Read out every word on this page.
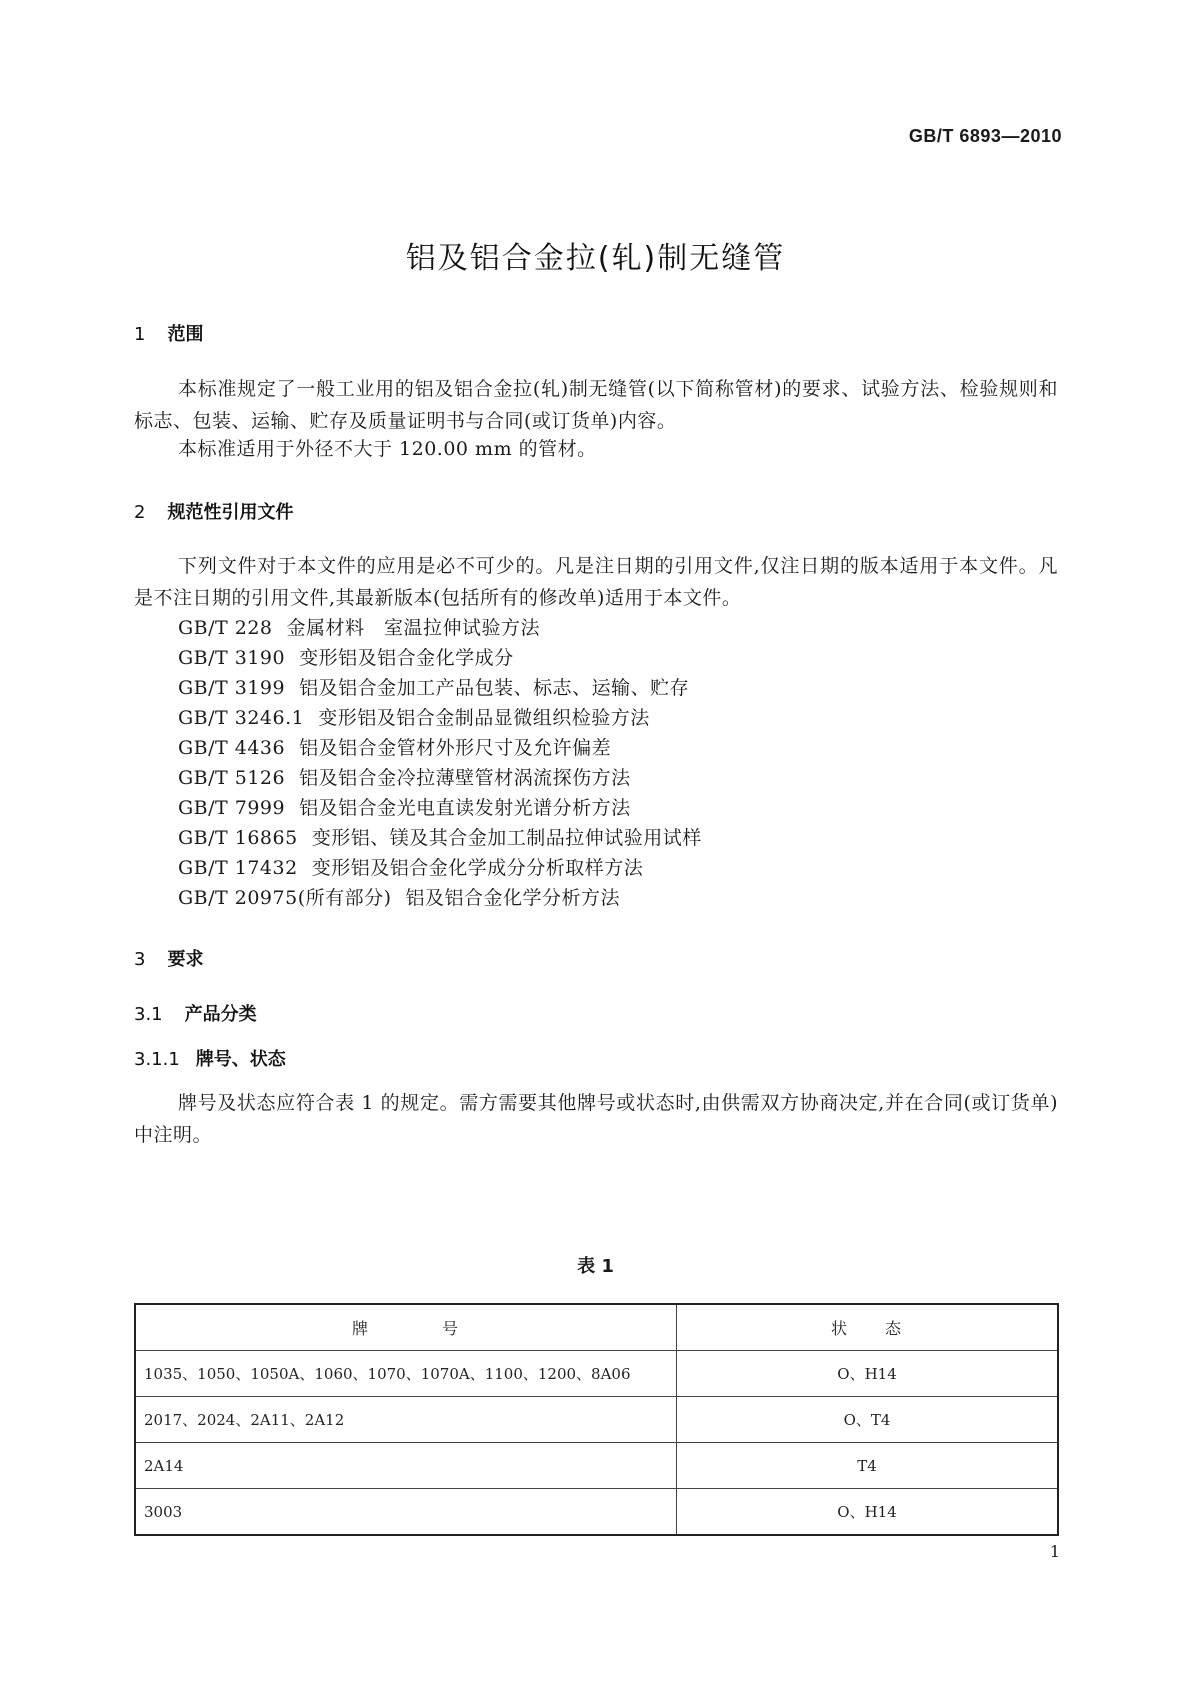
GB/T 6893—2010
铝及铝合金拉(轧)制无缝管
1 范围
本标准规定了一般工业用的铝及铝合金拉(轧)制无缝管(以下简称管材)的要求、试验方法、检验规则和标志、包装、运输、贮存及质量证明书与合同(或订货单)内容。
本标准适用于外径不大于 120.00 mm 的管材。
2 规范性引用文件
下列文件对于本文件的应用是必不可少的。凡是注日期的引用文件,仅注日期的版本适用于本文件。凡是不注日期的引用文件,其最新版本(包括所有的修改单)适用于本文件。
GB/T 228 金属材料　室温拉伸试验方法
GB/T 3190 变形铝及铝合金化学成分
GB/T 3199 铝及铝合金加工产品包装、标志、运输、贮存
GB/T 3246.1 变形铝及铝合金制品显微组织检验方法
GB/T 4436 铝及铝合金管材外形尺寸及允许偏差
GB/T 5126 铝及铝合金冷拉薄壁管材涡流探伤方法
GB/T 7999 铝及铝合金光电直读发射光谱分析方法
GB/T 16865 变形铝、镁及其合金加工制品拉伸试验用试样
GB/T 17432 变形铝及铝合金化学成分分析取样方法
GB/T 20975(所有部分) 铝及铝合金化学分析方法
3 要求
3.1 产品分类
3.1.1 牌号、状态
牌号及状态应符合表 1 的规定。需方需要其他牌号或状态时,由供需双方协商决定,并在合同(或订货单)中注明。
表 1
牌　　　　号	状　　态
1035、1050、1050A、1060、1070、1070A、1100、1200、8A06	O、H14
2017、2024、2A11、2A12	O、T4
2A14	T4
3003	O、H14
1
